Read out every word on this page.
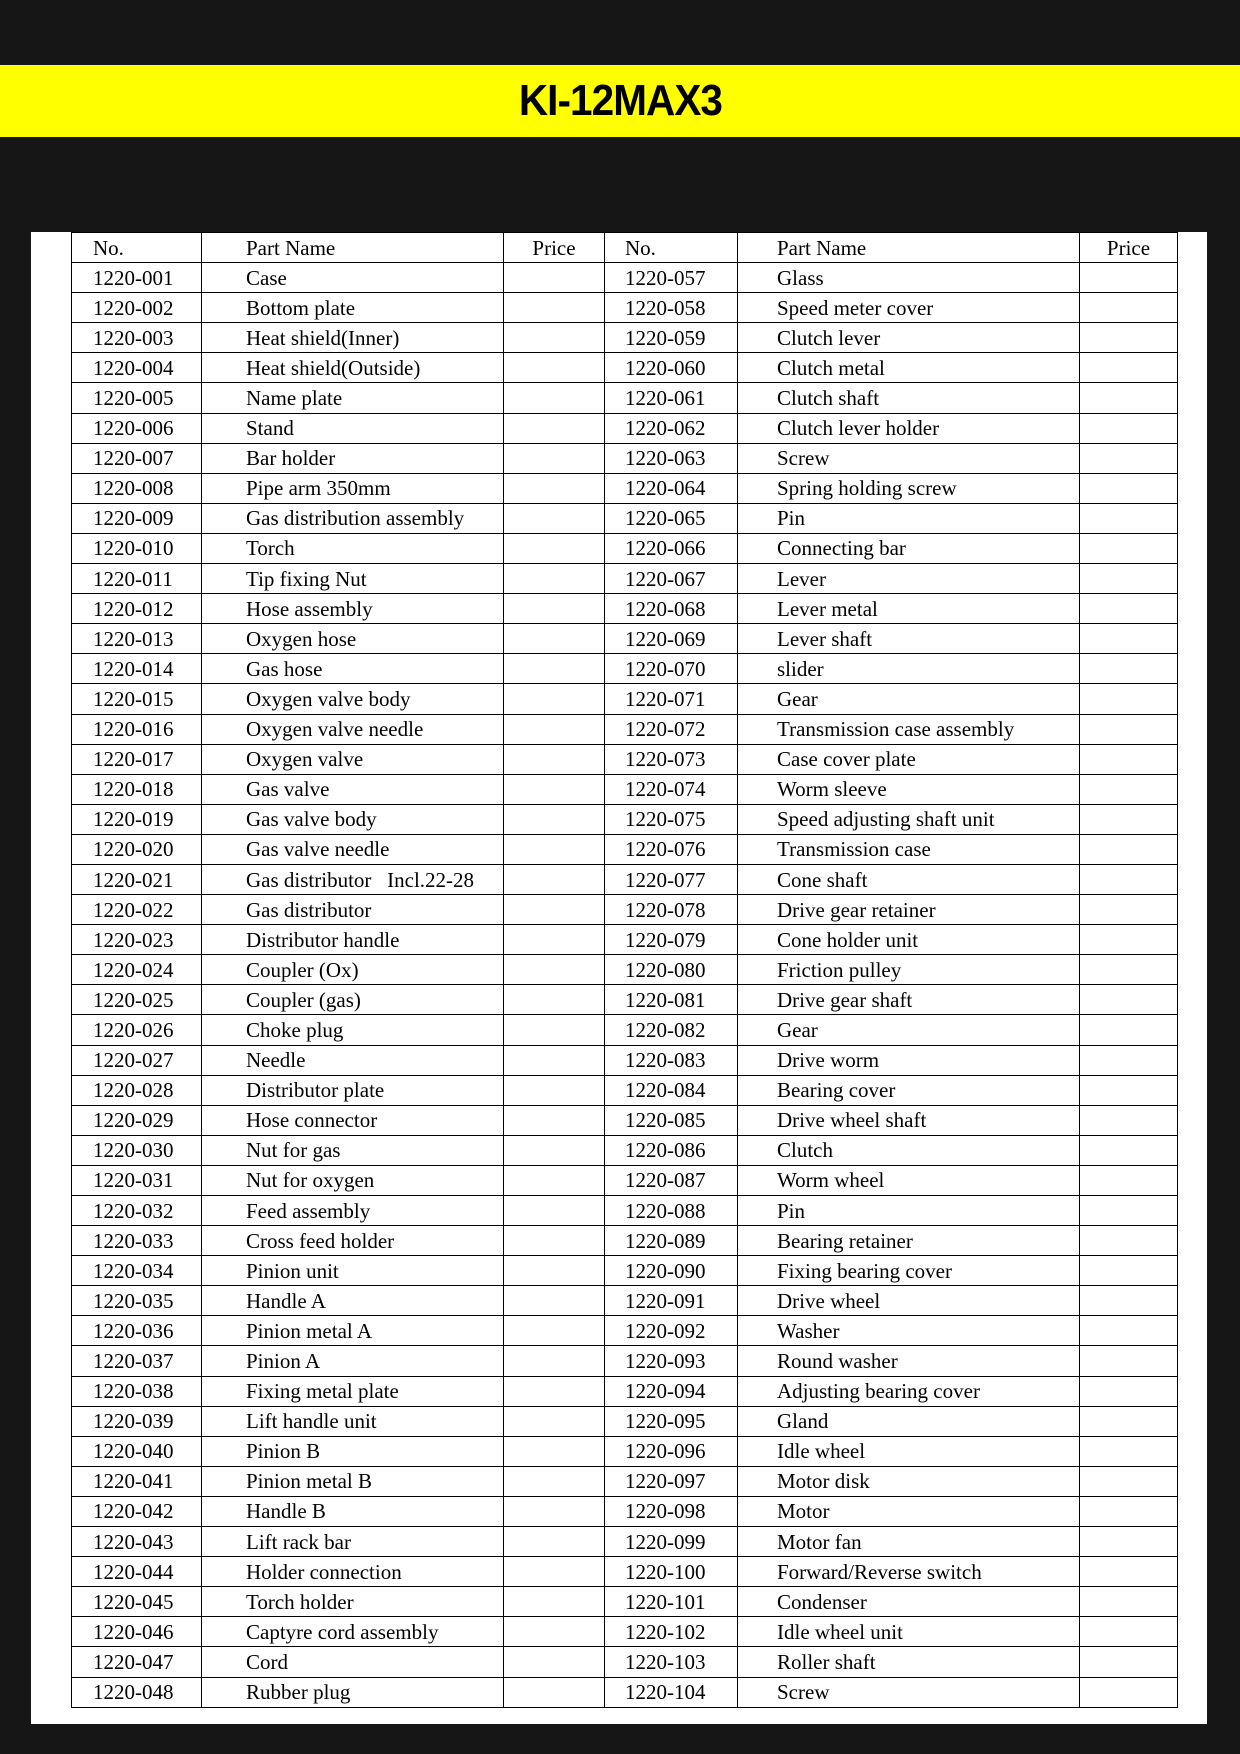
KI-12MAX3
No.	Part Name	Price	No.	Part Name	Price
1220-001	Case		1220-057	Glass	
1220-002	Bottom plate		1220-058	Speed meter cover	
1220-003	Heat shield(Inner)		1220-059	Clutch lever	
1220-004	Heat shield(Outside)		1220-060	Clutch metal	
1220-005	Name plate		1220-061	Clutch shaft	
1220-006	Stand		1220-062	Clutch lever holder	
1220-007	Bar holder		1220-063	Screw	
1220-008	Pipe arm 350mm		1220-064	Spring holding screw	
1220-009	Gas distribution assembly		1220-065	Pin	
1220-010	Torch		1220-066	Connecting bar	
1220-011	Tip fixing Nut		1220-067	Lever	
1220-012	Hose assembly		1220-068	Lever metal	
1220-013	Oxygen hose		1220-069	Lever shaft	
1220-014	Gas hose		1220-070	slider	
1220-015	Oxygen valve body		1220-071	Gear	
1220-016	Oxygen valve needle		1220-072	Transmission case assembly	
1220-017	Oxygen valve		1220-073	Case cover plate	
1220-018	Gas valve		1220-074	Worm sleeve	
1220-019	Gas valve body		1220-075	Speed adjusting shaft unit	
1220-020	Gas valve needle		1220-076	Transmission case	
1220-021	Gas distributor   Incl.22-28		1220-077	Cone shaft	
1220-022	Gas distributor		1220-078	Drive gear retainer	
1220-023	Distributor handle		1220-079	Cone holder unit	
1220-024	Coupler (Ox)		1220-080	Friction pulley	
1220-025	Coupler (gas)		1220-081	Drive gear shaft	
1220-026	Choke plug		1220-082	Gear	
1220-027	Needle		1220-083	Drive worm	
1220-028	Distributor plate		1220-084	Bearing cover	
1220-029	Hose connector		1220-085	Drive wheel shaft	
1220-030	Nut for gas		1220-086	Clutch	
1220-031	Nut for oxygen		1220-087	Worm wheel	
1220-032	Feed assembly		1220-088	Pin	
1220-033	Cross feed holder		1220-089	Bearing retainer	
1220-034	Pinion unit		1220-090	Fixing bearing cover	
1220-035	Handle A		1220-091	Drive wheel	
1220-036	Pinion metal A		1220-092	Washer	
1220-037	Pinion A		1220-093	Round washer	
1220-038	Fixing metal plate		1220-094	Adjusting bearing cover	
1220-039	Lift handle unit		1220-095	Gland	
1220-040	Pinion B		1220-096	Idle wheel	
1220-041	Pinion metal B		1220-097	Motor disk	
1220-042	Handle B		1220-098	Motor	
1220-043	Lift rack bar		1220-099	Motor fan	
1220-044	Holder connection		1220-100	Forward/Reverse switch	
1220-045	Torch holder		1220-101	Condenser	
1220-046	Captyre cord assembly		1220-102	Idle wheel unit	
1220-047	Cord		1220-103	Roller shaft	
1220-048	Rubber plug		1220-104	Screw	
